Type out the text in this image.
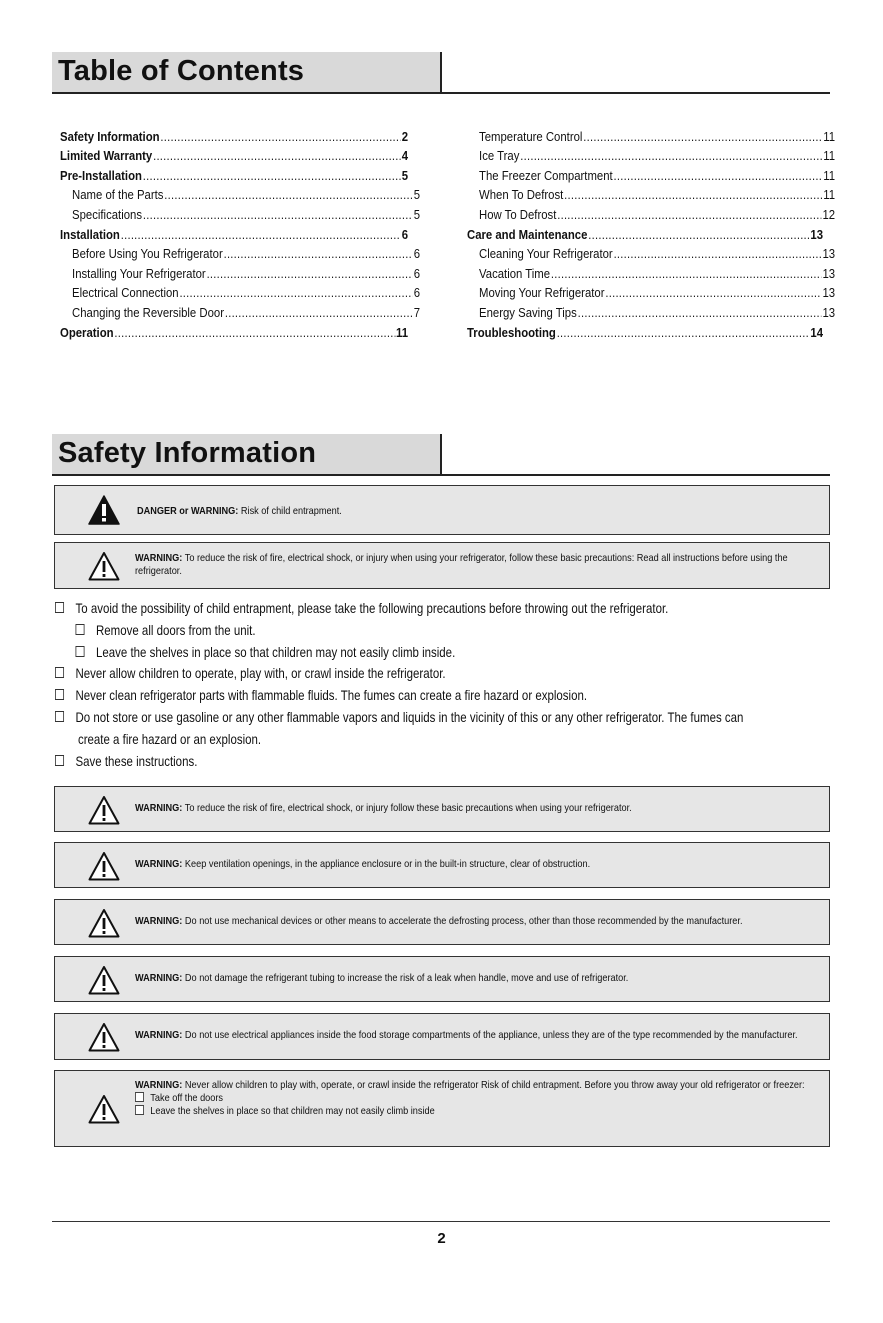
Table of Contents
Safety Information .....	2
Limited Warranty .....	4
Pre-Installation .....	5
Name of the Parts .....	5
Specifications .....	5
Installation .....	6
Before Using You Refrigerator .....	6
Installing Your Refrigerator .....	6
Electrical Connection .....	6
Changing the Reversible Door .....	7
Operation .....	11
Temperature Control .....	11
Ice Tray .....	11
The Freezer Compartment .....	11
When To Defrost .....	11
How To Defrost .....	12
Care and Maintenance .....	13
Cleaning Your Refrigerator .....	13
Vacation Time .....	13
Moving Your Refrigerator .....	13
Energy Saving Tips .....	13
Troubleshooting .....	14
Safety Information
DANGER or WARNING: Risk of child entrapment.
WARNING: To reduce the risk of fire, electrical shock, or injury when using your refrigerator, follow these basic precautions: Read all instructions before using the refrigerator.
To avoid the possibility of child entrapment, please take the following precautions before throwing out the refrigerator.
Remove all doors from the unit.
Leave the shelves in place so that children may not easily climb inside.
Never allow children to operate, play with, or crawl inside the refrigerator.
Never clean refrigerator parts with flammable fluids. The fumes can create a fire hazard or explosion.
Do not store or use gasoline or any other flammable vapors and liquids in the vicinity of this or any other refrigerator. The fumes can
create a fire hazard or an explosion.
Save these instructions.
WARNING: To reduce the risk of fire, electrical shock, or injury follow these basic precautions when using your refrigerator.
WARNING: Keep ventilation openings, in the appliance enclosure or in the built-in structure, clear of obstruction.
WARNING: Do not use mechanical devices or other means to accelerate the defrosting process, other than those recommended by the manufacturer.
WARNING: Do not damage the refrigerant tubing to increase the risk of a leak when handle, move and use of refrigerator.
WARNING: Do not use electrical appliances inside the food storage compartments of the appliance, unless they are of the type recommended by the manufacturer.
WARNING: Never allow children to play with, operate, or crawl inside the refrigerator Risk of child entrapment. Before you throw away your old refrigerator or freezer:
Take off the doors
Leave the shelves in place so that children may not easily climb inside
2
